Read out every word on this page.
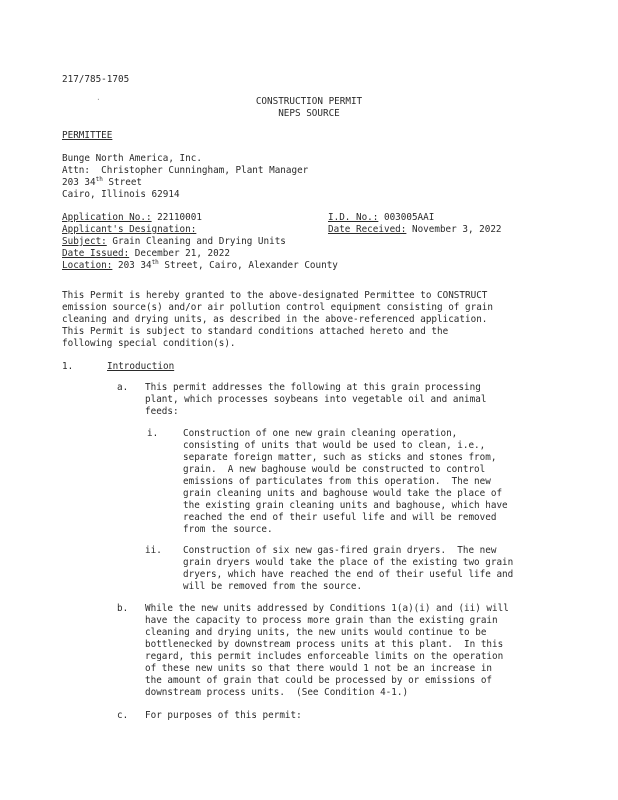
217/785-1705
·	CONSTRUCTION PERMIT
NEPS SOURCE
PERMITTEE
Bunge North America, Inc.
Attn:  Christopher Cunningham, Plant Manager
203 34th Street
Cairo, Illinois 62914
Application No.: 22110001	I.D. No.: 003005AAI
Applicant's Designation:	Date Received: November 3, 2022
Subject: Grain Cleaning and Drying Units
Date Issued: December 21, 2022
Location: 203 34th Street, Cairo, Alexander County
This Permit is hereby granted to the above-designated Permittee to CONSTRUCT
emission source(s) and/or air pollution control equipment consisting of grain
cleaning and drying units, as described in the above-referenced application.
This Permit is subject to standard conditions attached hereto and the
following special condition(s).
1.	Introduction
a. This permit addresses the following at this grain processing
plant, which processes soybeans into vegetable oil and animal
feeds:
i.	Construction of one new grain cleaning operation,
consisting of units that would be used to clean, i.e.,
separate foreign matter, such as sticks and stones from,
grain.  A new baghouse would be constructed to control
emissions of particulates from this operation.  The new
grain cleaning units and baghouse would take the place of
the existing grain cleaning units and baghouse, which have
reached the end of their useful life and will be removed
from the source.
ii. Construction of six new gas-fired grain dryers.  The new
grain dryers would take the place of the existing two grain
dryers, which have reached the end of their useful life and
will be removed from the source.
b. While the new units addressed by Conditions 1(a)(i) and (ii) will
have the capacity to process more grain than the existing grain
cleaning and drying units, the new units would continue to be
bottlenecked by downstream process units at this plant.  In this
regard, this permit includes enforceable limits on the operation
of these new units so that there would 1 not be an increase in
the amount of grain that could be processed by or emissions of
downstream process units.  (See Condition 4-1.)
c. For purposes of this permit:
